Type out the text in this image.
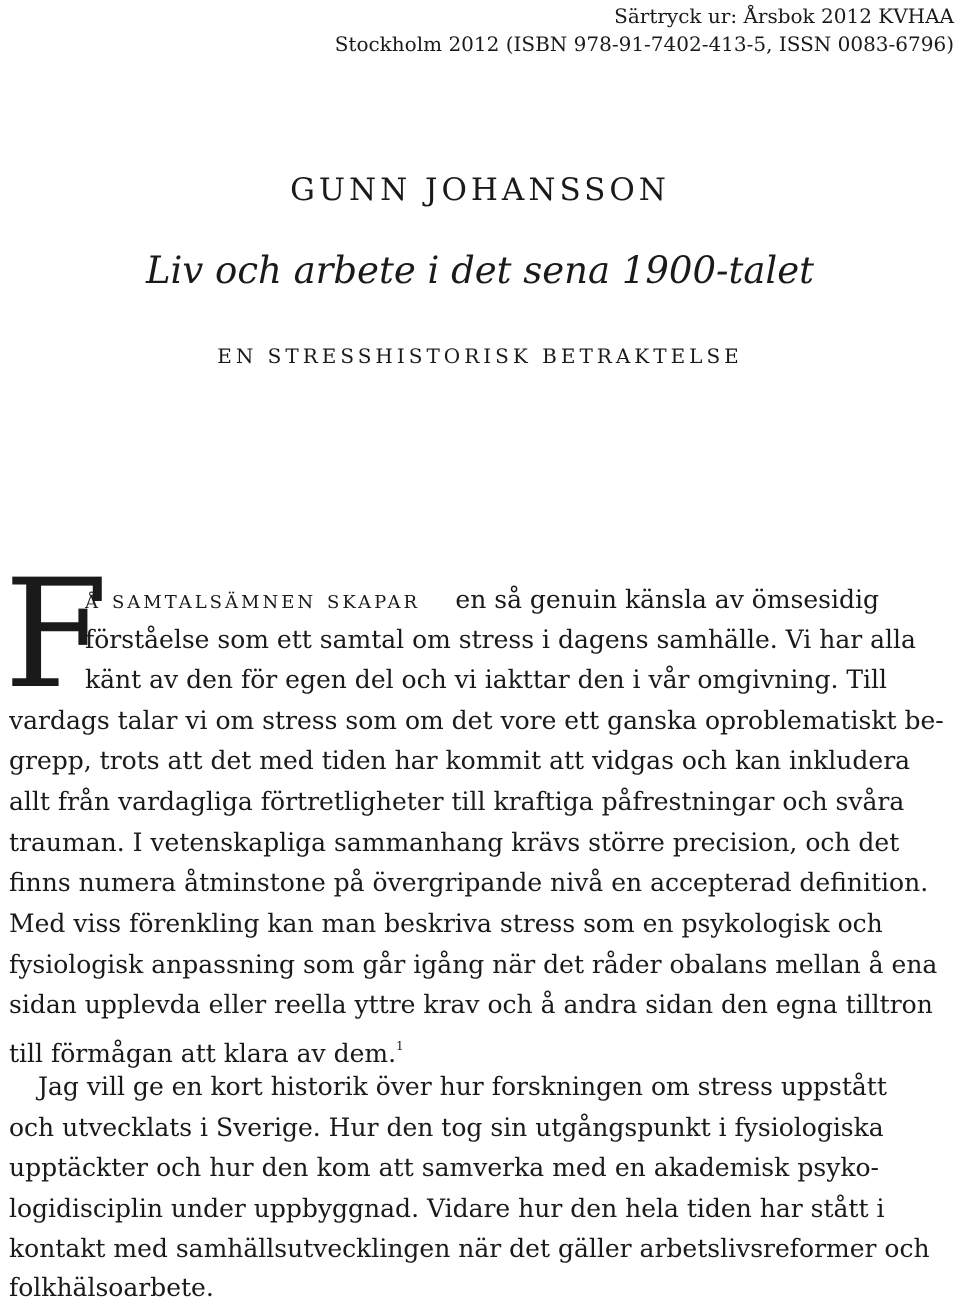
Särtryck ur: Årsbok 2012 KVHAA
Stockholm 2012 (ISBN 978-91-7402-413-5, ISSN 0083-6796)
GUNN JOHANSSON
Liv och arbete i det sena 1900-talet
EN STRESSHISTORISK BETRAKTELSE
F
å samtalsämnen skapar en så genuin känsla av ömsesidig
förståelse som ett samtal om stress i dagens samhälle. Vi har alla
känt av den för egen del och vi iakttar den i vår omgivning. Till
vardags talar vi om stress som om det vore ett ganska oproblematiskt be-
grepp, trots att det med tiden har kommit att vidgas och kan inkludera
allt från vardagliga förtretligheter till kraftiga påfrestningar och svåra
trauman. I vetenskapliga sammanhang krävs större precision, och det
finns numera åtminstone på övergripande nivå en accepterad definition.
Med viss förenkling kan man beskriva stress som en psykologisk och
fysiologisk anpassning som går igång när det råder obalans mellan å ena
sidan upplevda eller reella yttre krav och å andra sidan den egna tilltron
till förmågan att klara av dem.$^1$
Jag vill ge en kort historik över hur forskningen om stress uppstått
och utvecklats i Sverige. Hur den tog sin utgångspunkt i fysiologiska
upptäckter och hur den kom att samverka med en akademisk psyko-
logidisciplin under uppbyggnad. Vidare hur den hela tiden har stått i
kontakt med samhällsutvecklingen när det gäller arbetslivsreformer och
folkhälsoarbete.
